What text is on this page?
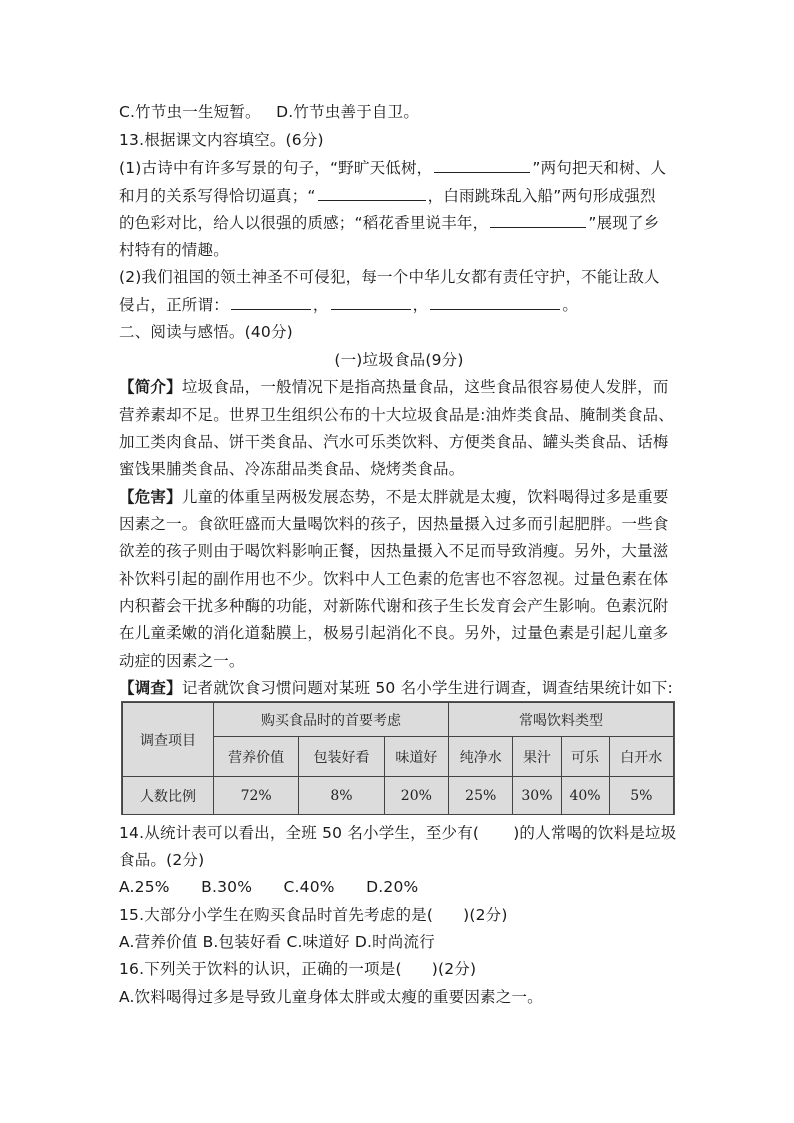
C.竹节虫一生短暂。 D.竹节虫善于自卫。
13.根据课文内容填空。(6分)
(1)古诗中有许多写景的句子，“野旷天低树，	”两句把天和树、人
和月的关系写得恰切逼真；“	，白雨跳珠乱入船”两句形成强烈
的色彩对比，给人以很强的质感；“稻花香里说丰年，	”展现了乡
村特有的情趣。
(2)我们祖国的领土神圣不可侵犯，每一个中华儿女都有责任守护，不能让敌人
侵占，正所谓：	，	，	。
二、阅读与感悟。(40分)
(一)垃圾食品(9分)
【简介】垃圾食品，一般情况下是指高热量食品，这些食品很容易使人发胖，而
营养素却不足。世界卫生组织公布的十大垃圾食品是:油炸类食品、腌制类食品、
加工类肉食品、饼干类食品、汽水可乐类饮料、方便类食品、罐头类食品、话梅
蜜饯果脯类食品、冷冻甜品类食品、烧烤类食品。
【危害】儿童的体重呈两极发展态势，不是太胖就是太瘦，饮料喝得过多是重要
因素之一。食欲旺盛而大量喝饮料的孩子，因热量摄入过多而引起肥胖。一些食
欲差的孩子则由于喝饮料影响正餐，因热量摄入不足而导致消瘦。另外，大量滋
补饮料引起的副作用也不少。饮料中人工色素的危害也不容忽视。过量色素在体
内积蓄会干扰多种酶的功能，对新陈代谢和孩子生长发育会产生影响。色素沉附
在儿童柔嫩的消化道黏膜上，极易引起消化不良。另外，过量色素是引起儿童多
动症的因素之一。
【调查】记者就饮食习惯问题对某班 50 名小学生进行调查，调查结果统计如下:
调查项目	购买食品时的首要考虑			常喝饮料类型			
	营养价值	包装好看	味道好	纯净水	果汁	可乐	白开水
人数比例	72%	8%	20%	25%	30%	40%	5%
14.从统计表可以看出，全班 50 名小学生，至少有( )的人常喝的饮料是垃圾
食品。(2分)
A.25%　　B.30%　　C.40%　　D.20%
15.大部分小学生在购买食品时首先考虑的是( )(2分)
A.营养价值 B.包装好看 C.味道好 D.时尚流行
16.下列关于饮料的认识，正确的一项是( )(2分)
A.饮料喝得过多是导致儿童身体太胖或太瘦的重要因素之一。
